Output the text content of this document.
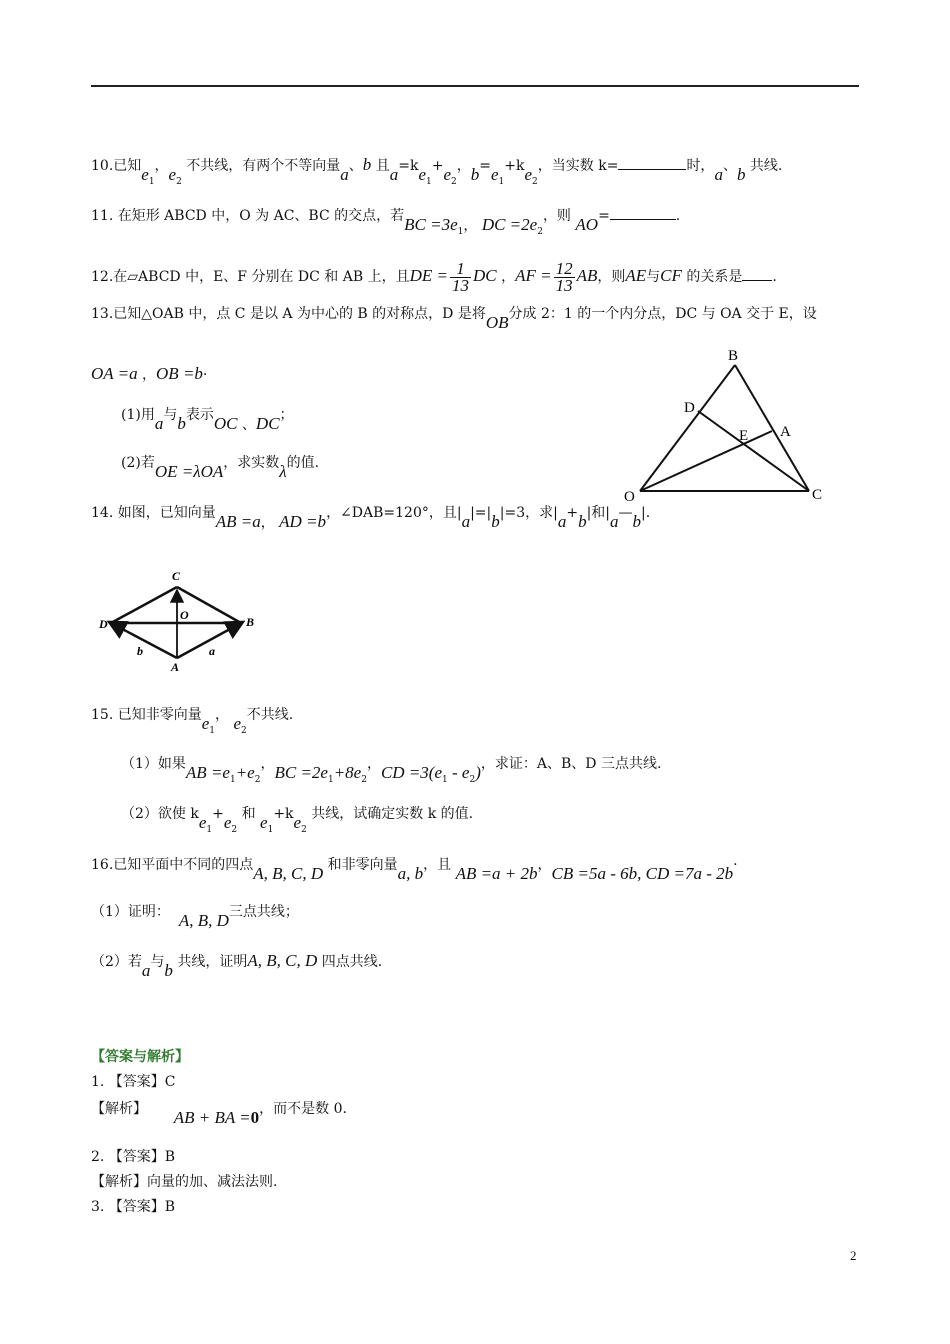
10.已知$e_1$，$e_2$ 不共线，有两个不等向量a、b 且$a=ke_1+e_2$，$b=e_1+ke_2$，当实数 k=	时，a、b 共线.
11. 在矩形 ABCD 中，O 为 AC、BC 的交点，若BC $=3e_1$， DC $=2e_2$，则 AO=	.
12.在▱ABCD 中，E、F 分别在 DC 和 AB 上，且DE = $\frac{1}{13}$ DC ，AF = $\frac{12}{13}$ AB，则AE与CF 的关系是 .
13.已知△OAB 中，点 C 是以 A 为中心的 B 的对称点，D 是将OB分成 2：1 的一个内分点，DC 与 OA 交于 E，设
OA =a ，OB =b·
(1)用a与b表示OC 、DC；
(2)若OE =λOA，求实数λ的值.
B
D
E A
O	C
14. 如图，已知向量AB =a， AD =b，∠DAB=120°，且|a|=|b|=3，求|a+b|和|a—b|.
C
O
D	B
b	a
A
15. 已知非零向量$e_1$， $e_2$不共线.
（1）如果AB $=e_1+e_2$，BC $=2e_1+8e_2$，CD $=3(e_1 - e_2)$，求证：A、B、D 三点共线.
（2）欲使 $ke_1+e_2$ 和 $e_1+ke_2$ 共线，试确定实数 k 的值.
16.已知平面中不同的四点A, B, C, D 和非零向量a, b，且 AB =a + 2b，CB =5a - 6b, CD =7a - 2b·
（1）证明： A, B, D三点共线；
（2）若a与b 共线，证明A, B, C, D 四点共线.
【答案与解析】
1. 【答案】C
【解析】 AB + BA =0，而不是数 0.
2. 【答案】B
【解析】向量的加、减法法则.
3. 【答案】B
2
